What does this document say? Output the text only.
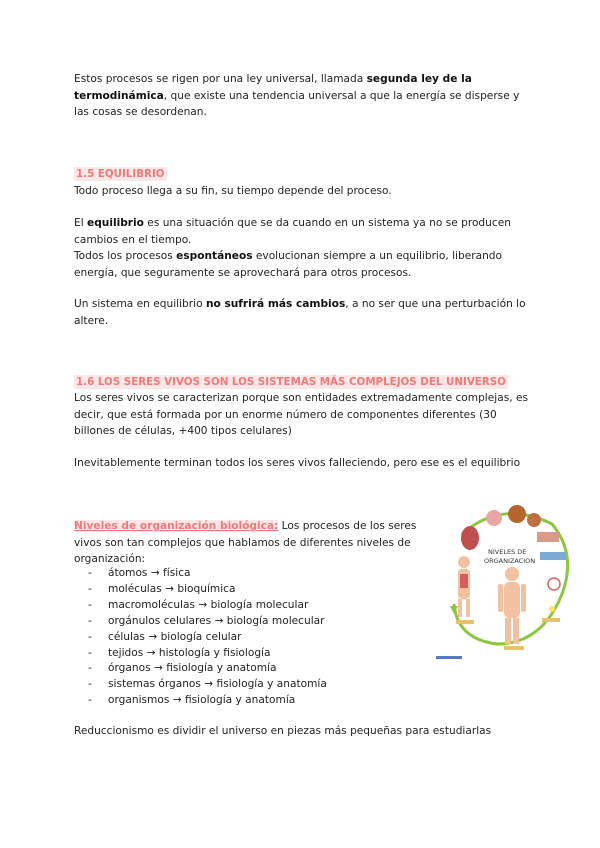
Estos procesos se rigen por una ley universal, llamada segunda ley de la termodinámica, que existe una tendencia universal a que la energía se disperse y las cosas se desordenan.

1.5 EQUILIBRIO

Todo proceso llega a su fin, su tiempo depende del proceso.

El equilibrio es una situación que se da cuando en un sistema ya no se producen cambios en el tiempo.

Todos los procesos espontáneos evolucionan siempre a un equilibrio, liberando energía, que seguramente se aprovechará para otros procesos.

Un sistema en equilibrio no sufrirá más cambios, a no ser que una perturbación lo altere.

1.6 LOS SERES VIVOS SON LOS SISTEMAS MÁS COMPLEJOS DEL UNIVERSO

Los seres vivos se caracterizan porque son entidades extremadamente complejas, es decir, que está formada por un enorme número de componentes diferentes (30 billones de células, +400 tipos celulares)

Inevitablemente terminan todos los seres vivos falleciendo, pero ese es el equilibrio

Niveles de organización biológica: Los procesos de los seres vivos son tan complejos que hablamos de diferentes niveles de organización:

- átomos → física
- moléculas → bioquímica
- macromoléculas → biología molecular
- orgánulos celulares → biología molecular
- células → biología celular
- tejidos → histología y fisiología
- órganos → fisiología y anatomía
- sistemas órganos → fisiología y anatomía
- organismos → fisiología y anatomía
NIVELES DE
ORGANIZACION

Reduccionismo es dividir el universo en piezas más pequeñas para estudiarlas
